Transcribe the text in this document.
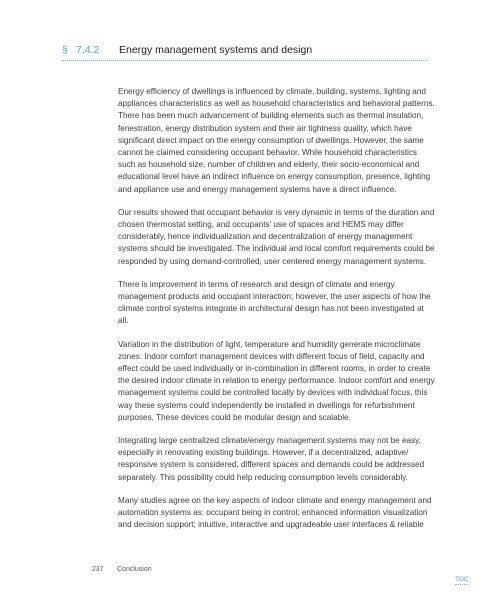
§ 7.4.2 Energy management systems and design

Energy efficiency of dwellings is influenced by climate, building, systems, lighting and appliances characteristics as well as household characteristics and behavioral patterns. There has been much advancement of building elements such as thermal insulation, fenestration, energy distribution system and their air tightness quality, which have significant direct impact on the energy consumption of dwellings. However, the same cannot be claimed considering occupant behavior. While household characteristics such as household size, number of children and elderly, their socio-economical and educational level have an indirect influence on energy consumption, presence, lighting and appliance use and energy management systems have a direct influence.

Our results showed that occupant behavior is very dynamic in terms of the duration and chosen thermostat setting, and occupants’ use of spaces and HEMS may differ considerably, hence individualization and decentralization of energy management systems should be investigated. The individual and local comfort requirements could be responded by using demand-controlled, user centered energy management systems.

There is improvement in terms of research and design of climate and energy management products and occupant interaction; however, the user aspects of how the climate control systems integrate in architectural design has not been investigated at all.

Variation in the distribution of light, temperature and humidity generate microclimate zones. Indoor comfort management devices with different focus of field, capacity and effect could be used individually or in-combination in different rooms, in order to create the desired indoor climate in relation to energy performance. Indoor comfort and energy management systems could be controlled locally by devices with individual focus, this way these systems could independently be installed in dwellings for refurbishment purposes. These devices could be modular design and scalable.

Integrating large centralized climate/energy management systems may not be easy, especially in renovating existing buildings. However, if a decentralized, adaptive/ responsive system is considered, different spaces and demands could be addressed separately. This possibility could help reducing consumption levels considerably.

Many studies agree on the key aspects of indoor climate and energy management and automation systems as: occupant being in control; enhanced information visualization and decision support; intuitive, interactive and upgradeable user interfaces & reliable

237 Conclusion
TOC
